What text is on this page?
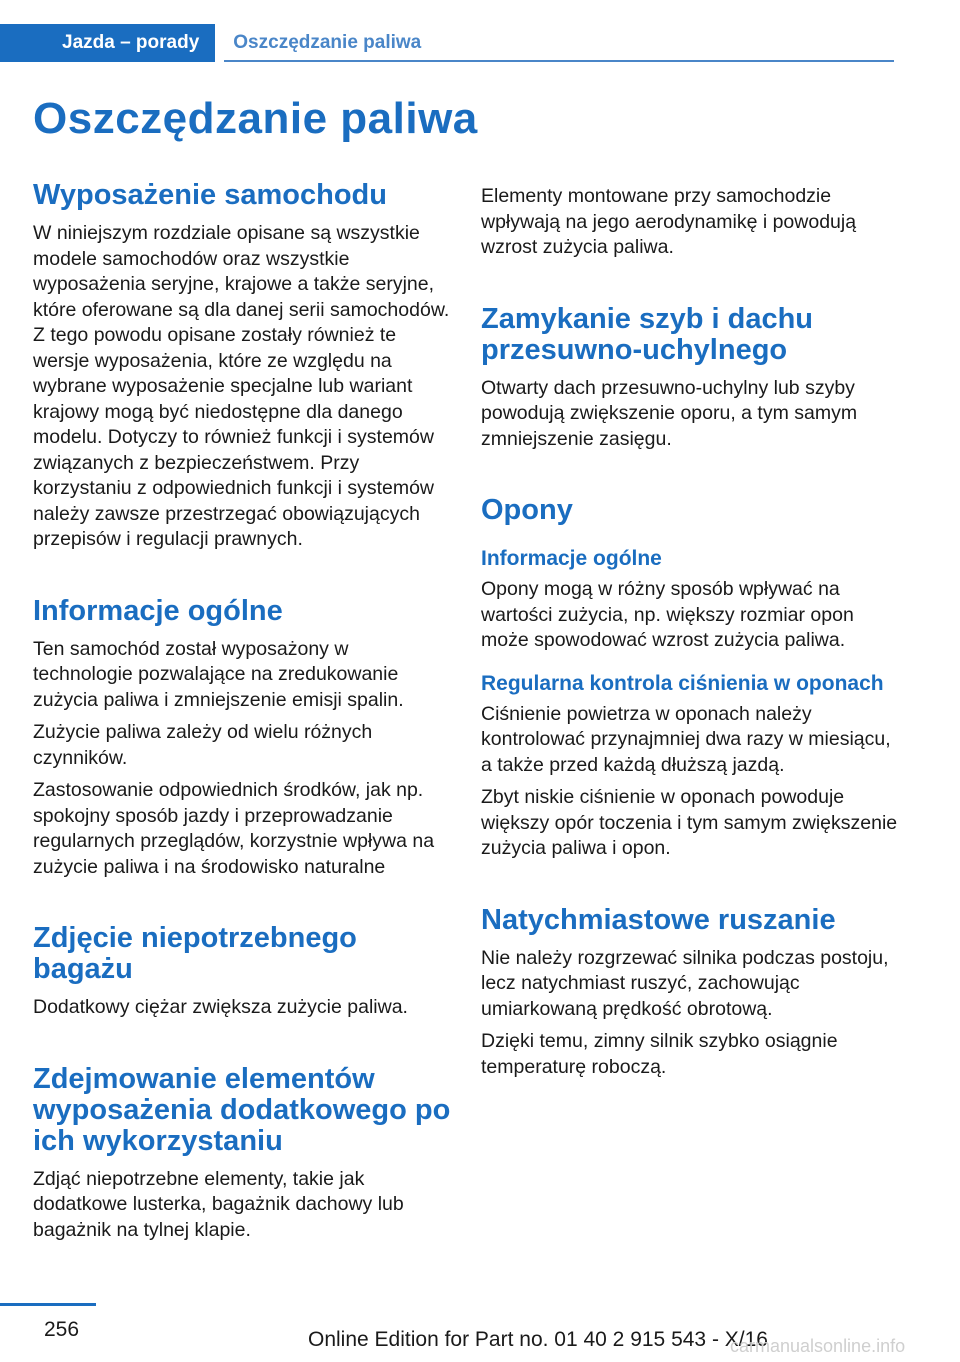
Jazda – porady	Oszczędzanie paliwa
Oszczędzanie paliwa
Wyposażenie samochodu

W niniejszym rozdziale opisane są wszystkie modele samochodów oraz wszystkie wyposażenia seryjne, krajowe a także seryjne, które oferowane są dla danej serii samochodów. Z tego powodu opisane zostały również te wersje wyposażenia, które ze względu na wybrane wyposażenie specjalne lub wariant krajowy mogą być niedostępne dla danego modelu. Dotyczy to również funkcji i systemów związanych z bezpieczeństwem. Przy korzystaniu z odpowiednich funkcji i systemów należy zawsze przestrzegać obowiązujących przepisów i regulacji prawnych.

Informacje ogólne

Ten samochód został wyposażony w technologie pozwalające na zredukowanie zużycia paliwa i zmniejszenie emisji spalin.

Zużycie paliwa zależy od wielu różnych czynników.

Zastosowanie odpowiednich środków, jak np. spokojny sposób jazdy i przeprowadzanie regularnych przeglądów, korzystnie wpływa na zużycie paliwa i na środowisko naturalne

Zdjęcie niepotrzebnego bagażu

Dodatkowy ciężar zwiększa zużycie paliwa.

Zdejmowanie elementów wyposażenia dodatkowego po ich wykorzystaniu

Zdjąć niepotrzebne elementy, takie jak dodatkowe lusterka, bagażnik dachowy lub bagażnik na tylnej klapie.

Elementy montowane przy samochodzie wpływają na jego aerodynamikę i powodują wzrost zużycia paliwa.

Zamykanie szyb i dachu przesuwno-uchylnego

Otwarty dach przesuwno-uchylny lub szyby powodują zwiększenie oporu, a tym samym zmniejszenie zasięgu.

Opony
Informacje ogólne

Opony mogą w różny sposób wpływać na wartości zużycia, np. większy rozmiar opon może spowodować wzrost zużycia paliwa.

Regularna kontrola ciśnienia w oponach

Ciśnienie powietrza w oponach należy kontrolować przynajmniej dwa razy w miesiącu, a także przed każdą dłuższą jazdą.

Zbyt niskie ciśnienie w oponach powoduje większy opór toczenia i tym samym zwiększenie zużycia paliwa i opon.

Natychmiastowe ruszanie

Nie należy rozgrzewać silnika podczas postoju, lecz natychmiast ruszyć, zachowując umiarkowaną prędkość obrotową.

Dzięki temu, zimny silnik szybko osiągnie temperaturę roboczą.

256	Online Edition for Part no. 01 40 2 915 543 - X/16
carmanualsonline.info
